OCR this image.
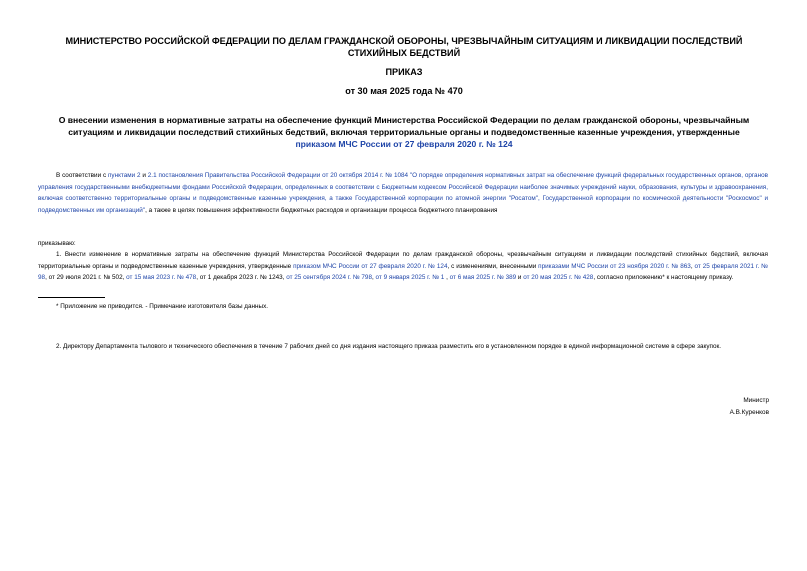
МИНИСТЕРСТВО РОССИЙСКОЙ ФЕДЕРАЦИИ ПО ДЕЛАМ ГРАЖДАНСКОЙ ОБОРОНЫ, ЧРЕЗВЫЧАЙНЫМ СИТУАЦИЯМ И ЛИКВИДАЦИИ ПОСЛЕДСТВИЙ СТИХИЙНЫХ БЕДСТВИЙ
ПРИКАЗ
от 30 мая 2025 года № 470
О внесении изменения в нормативные затраты на обеспечение функций Министерства Российской Федерации по делам гражданской обороны, чрезвычайным ситуациям и ликвидации последствий стихийных бедствий, включая территориальные органы и подведомственные казенные учреждения, утвержденные
приказом МЧС России от 27 февраля 2020 г. № 124
В соответствии с пунктами 2 и 2.1 постановления Правительства Российской Федерации от 20 октября 2014 г. № 1084 "О порядке определения нормативных затрат на обеспечение функций федеральных государственных органов, органов управления государственными внебюджетными фондами Российской Федерации, определенных в соответствии с Бюджетным кодексом Российской Федерации наиболее значимых учреждений науки, образования, культуры и здравоохранения, включая соответственно территориальные органы и подведомственные казенные учреждения, а также Государственной корпорации по атомной энергии "Росатом", Государственной корпорации по космической деятельности "Роскосмос" и подведомственных им организаций", а также в целях повышения эффективности бюджетных расходов и организации процесса бюджетного планирования
приказываю:
1. Внести изменение в нормативные затраты на обеспечение функций Министерства Российской Федерации по делам гражданской обороны, чрезвычайным ситуациям и ликвидации последствий стихийных бедствий, включая территориальные органы и подведомственные казенные учреждения, утвержденные приказом МЧС России от 27 февраля 2020 г. № 124, с изменениями, внесенными приказами МЧС России от 23 ноября 2020 г. № 863, от 25 февраля 2021 г. № 98, от 29 июля 2021 г. № 502, от 15 мая 2023 г. № 478, от 1 декабря 2023 г. № 1243, от 25 сентября 2024 г. № 798, от 9 января 2025 г. № 1 , от 6 мая 2025 г. № 389 и от 20 мая 2025 г. № 428, согласно приложению* к настоящему приказу.
* Приложение не приводится. - Примечание изготовителя базы данных.
2. Директору Департамента тылового и технического обеспечения в течение 7 рабочих дней со дня издания настоящего приказа разместить его в установленном порядке в единой информационной системе в сфере закупок.
Министр
А.В.Куренков
